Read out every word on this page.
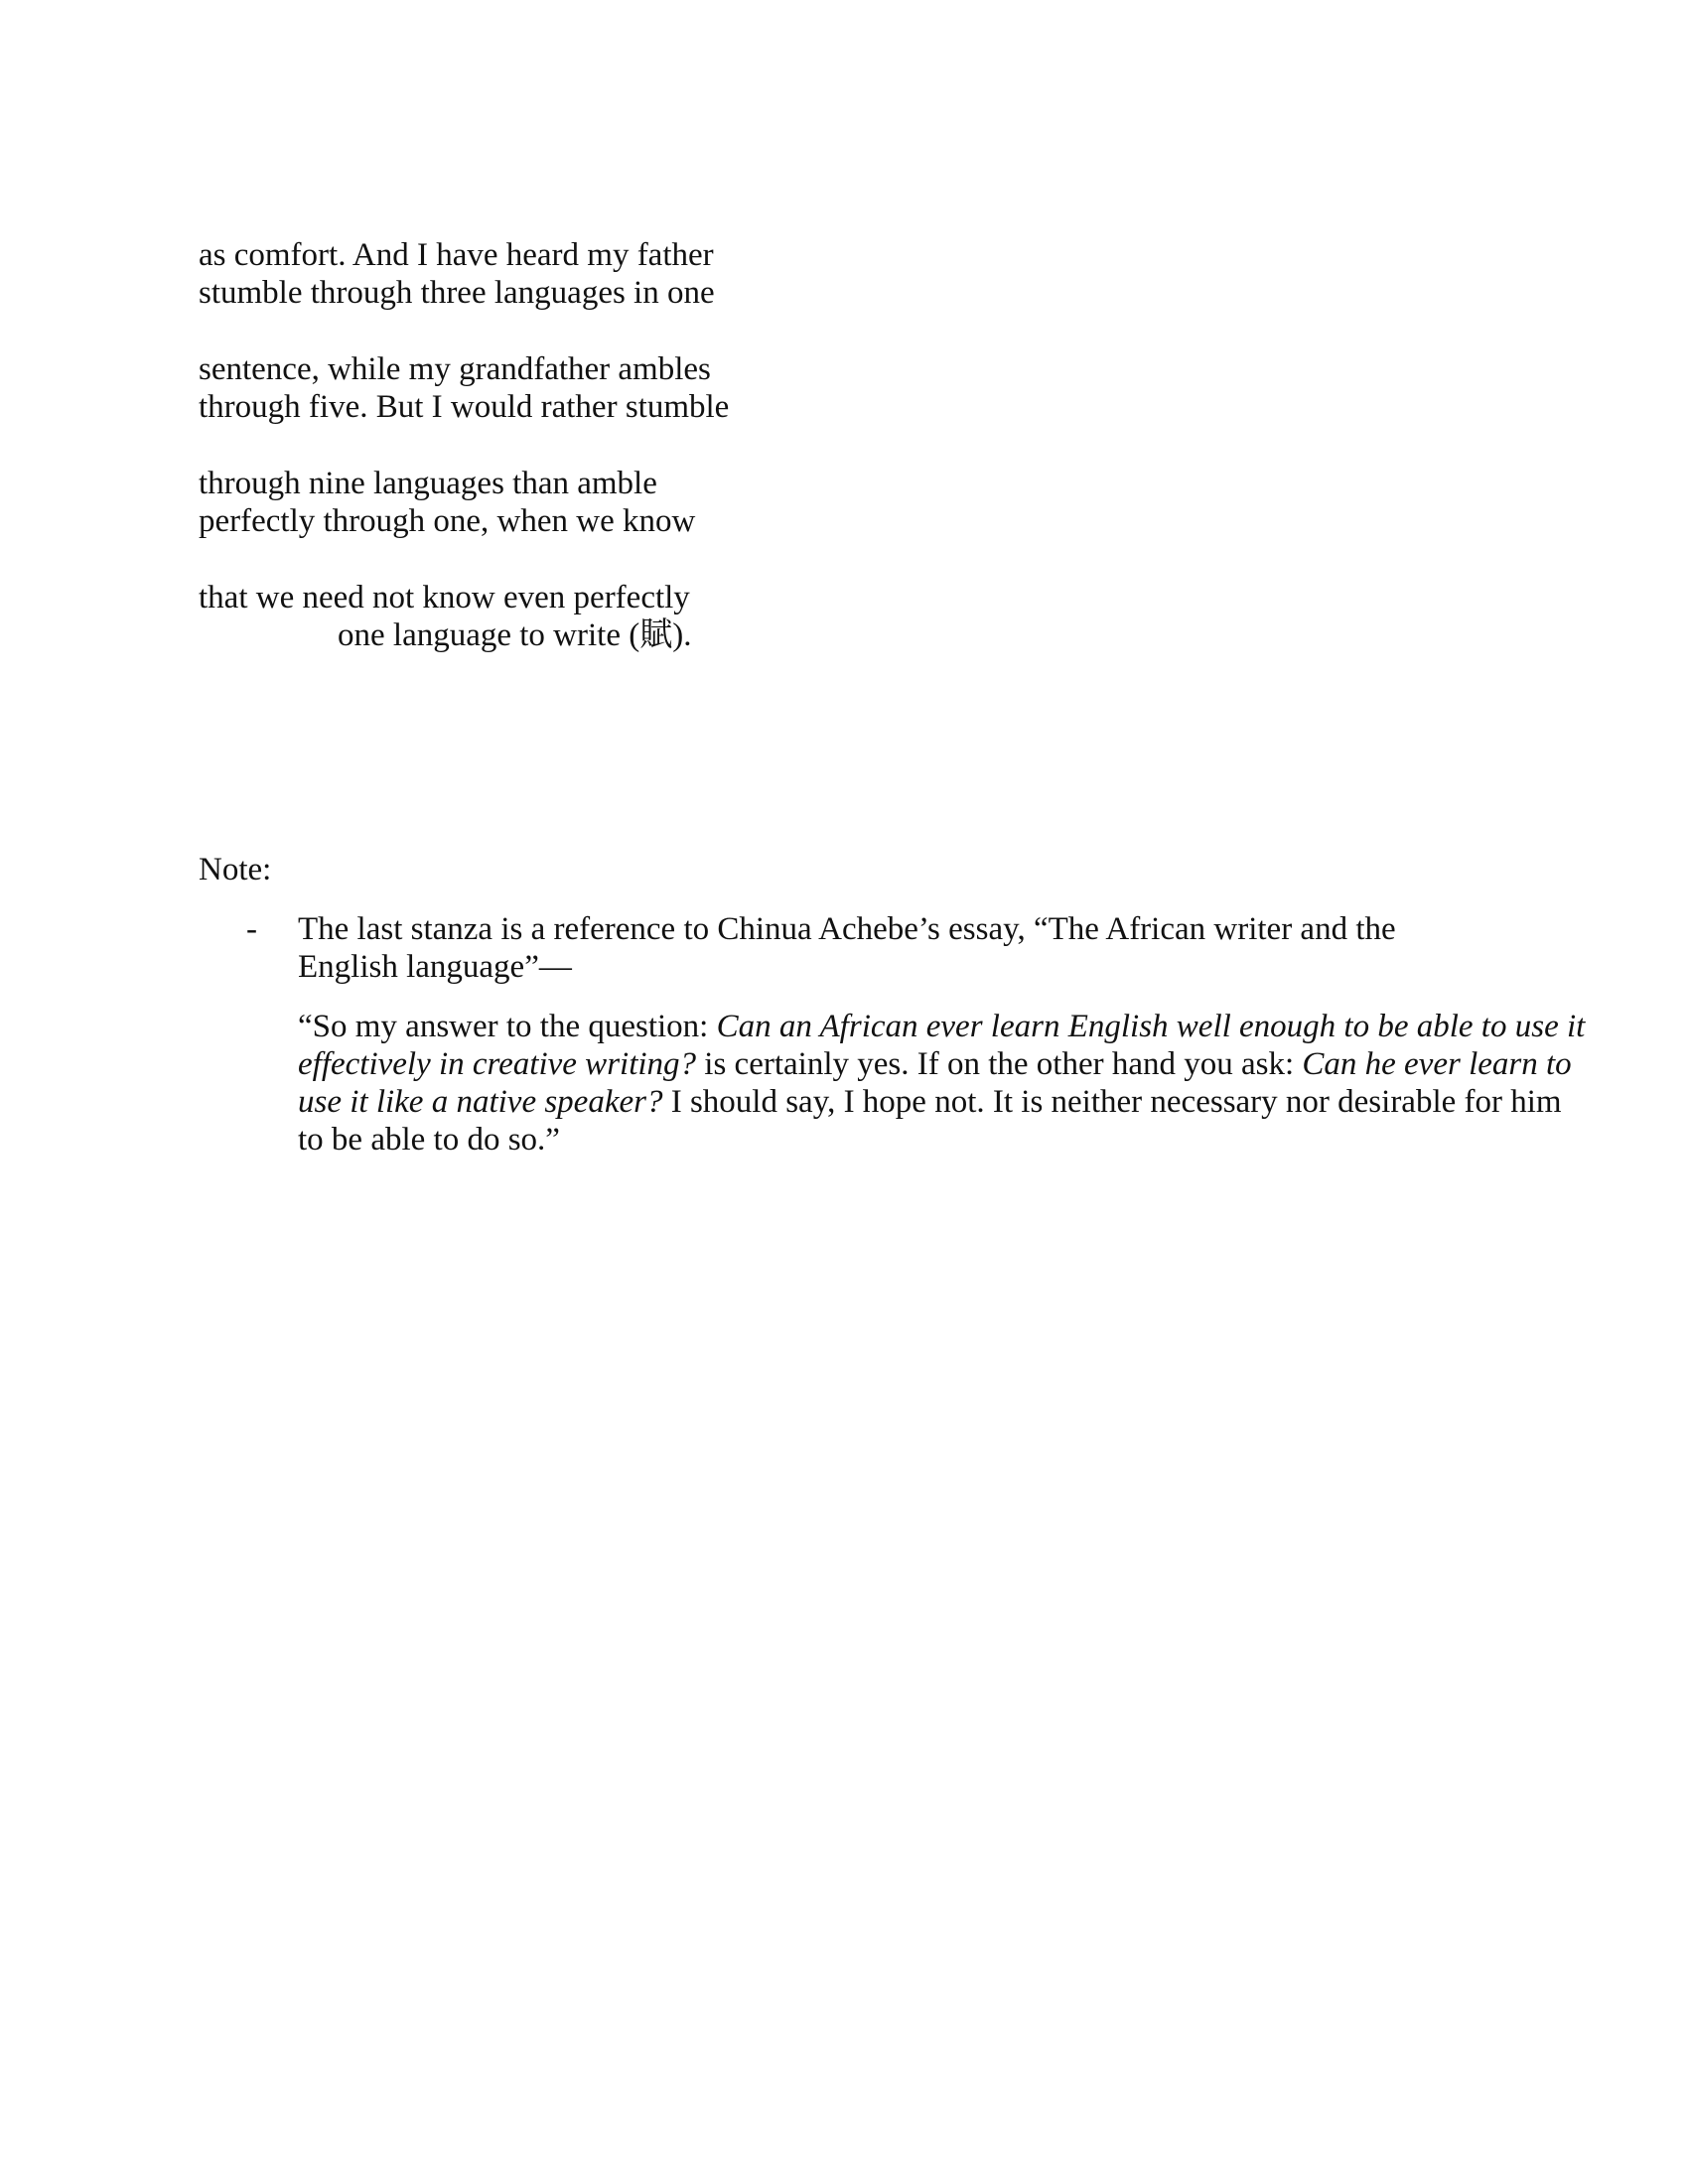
as comfort. And I have heard my father
stumble through three languages in one
sentence, while my grandfather ambles
through five. But I would rather stumble
through nine languages than amble
perfectly through one, when we know
that we need not know even perfectly
one language to write (賦).
Note:
- The last stanza is a reference to Chinua Achebe’s essay, “The African writer and the
English language”—
“So my answer to the question: Can an African ever learn English well enough to be able to use it effectively in creative writing? is certainly yes. If on the other hand you ask: Can he ever learn to use it like a native speaker? I should say, I hope not. It is neither necessary nor desirable for him to be able to do so.”
